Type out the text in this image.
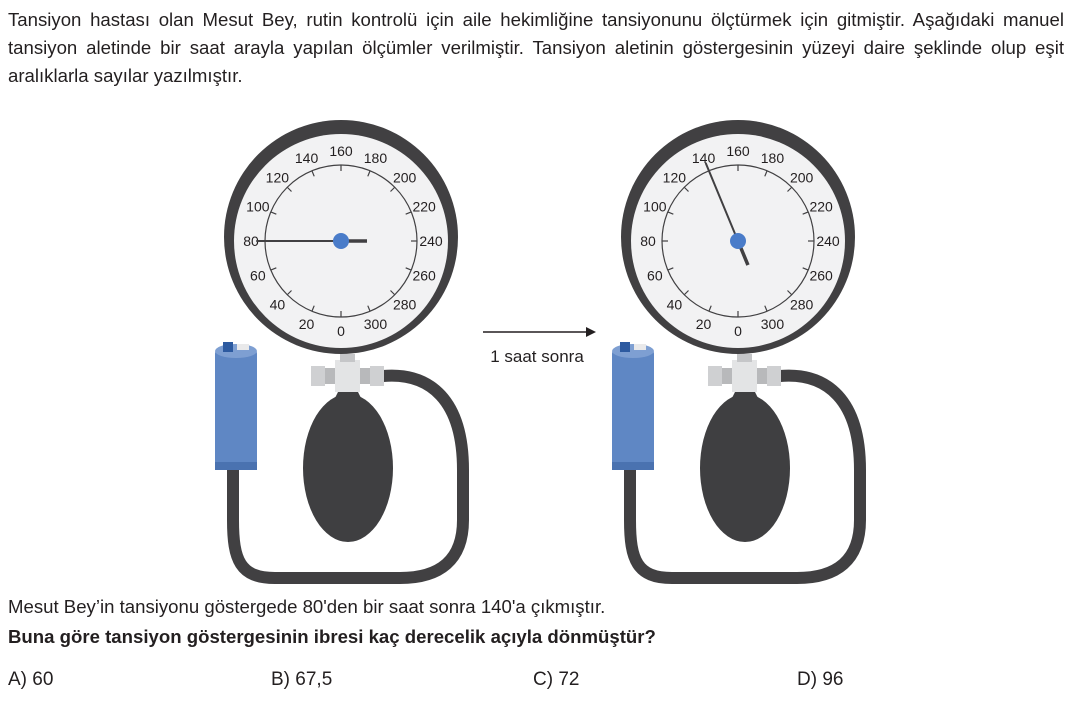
Tansiyon hastası olan Mesut Bey, rutin kontrolü için aile hekimliğine tansiyonunu ölçtürmek için gitmiştir. Aşağıdaki manuel tansiyon aletinde bir saat arayla yapılan ölçümler verilmiştir. Tansiyon aletinin göstergesinin yüzeyi daire şeklinde olup eşit aralıklarla sayılar yazılmıştır.

0
20
40
60
80
100
120
140 160 180
200
220
240
260
280
300
1 saat sonra
0
20
40
60
80
100
120
140 160 180
200
220
240
260
280
300

Mesut Bey’in tansiyonu göstergede 80'den bir saat sonra 140'a çıkmıştır.

Buna göre tansiyon göstergesinin ibresi kaç derecelik açıyla dönmüştür?

A) 60	B) 67,5	C) 72	D) 96
